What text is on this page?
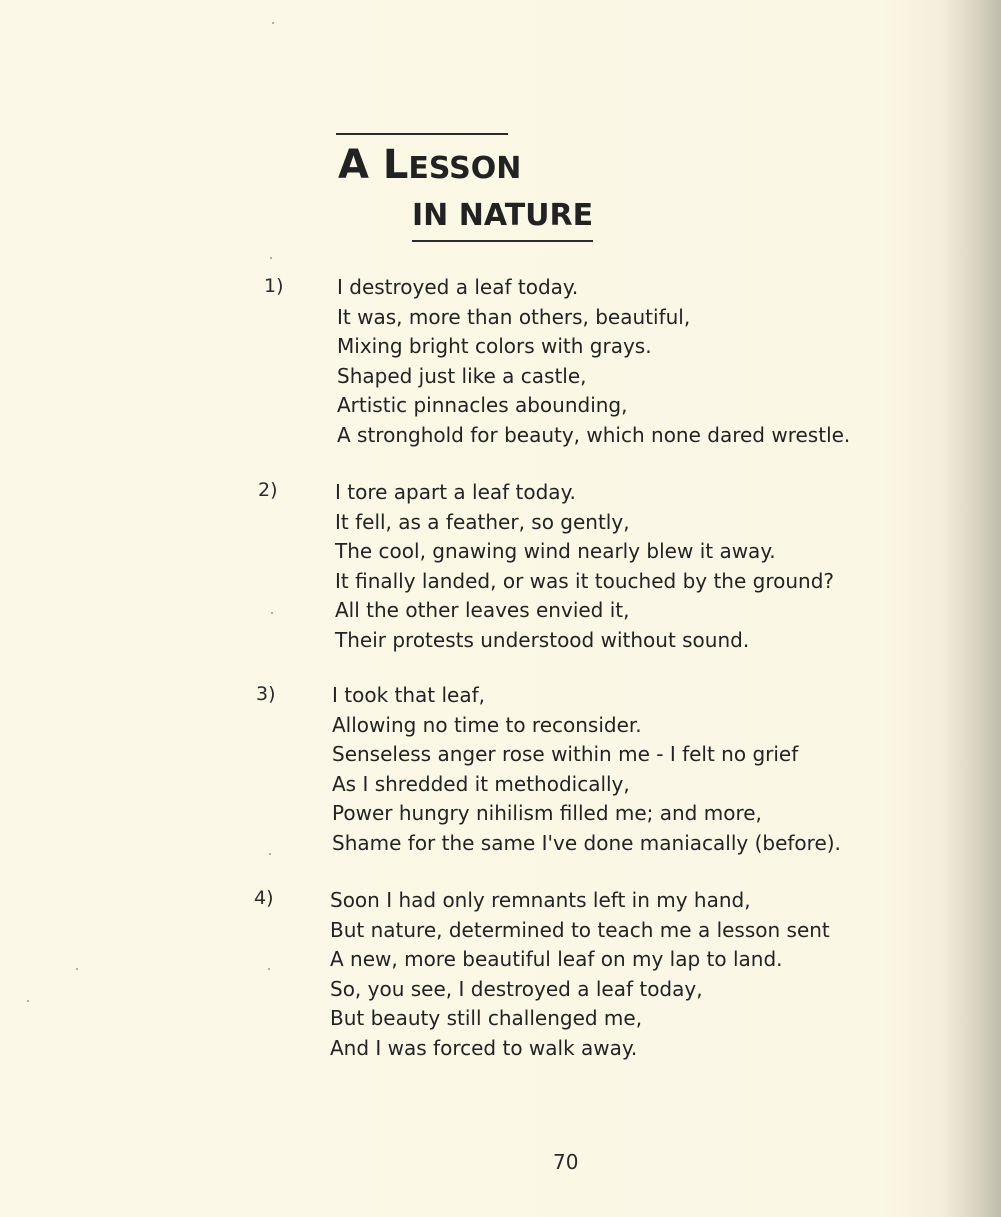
A LESSON
IN NATURE
1)	I destroyed a leaf today.
It was, more than others, beautiful,
Mixing bright colors with grays.
Shaped just like a castle,
Artistic pinnacles abounding,
A stronghold for beauty, which none dared wrestle.
2)	I tore apart a leaf today.
It fell, as a feather, so gently,
The cool, gnawing wind nearly blew it away.
It finally landed, or was it touched by the ground?
All the other leaves envied it,
Their protests understood without sound.
3)	I took that leaf,
Allowing no time to reconsider.
Senseless anger rose within me - I felt no grief
As I shredded it methodically,
Power hungry nihilism filled me; and more,
Shame for the same I've done maniacally (before).
4)	Soon I had only remnants left in my hand,
But nature, determined to teach me a lesson sent
A new, more beautiful leaf on my lap to land.
So, you see, I destroyed a leaf today,
But beauty still challenged me,
And I was forced to walk away.
70
